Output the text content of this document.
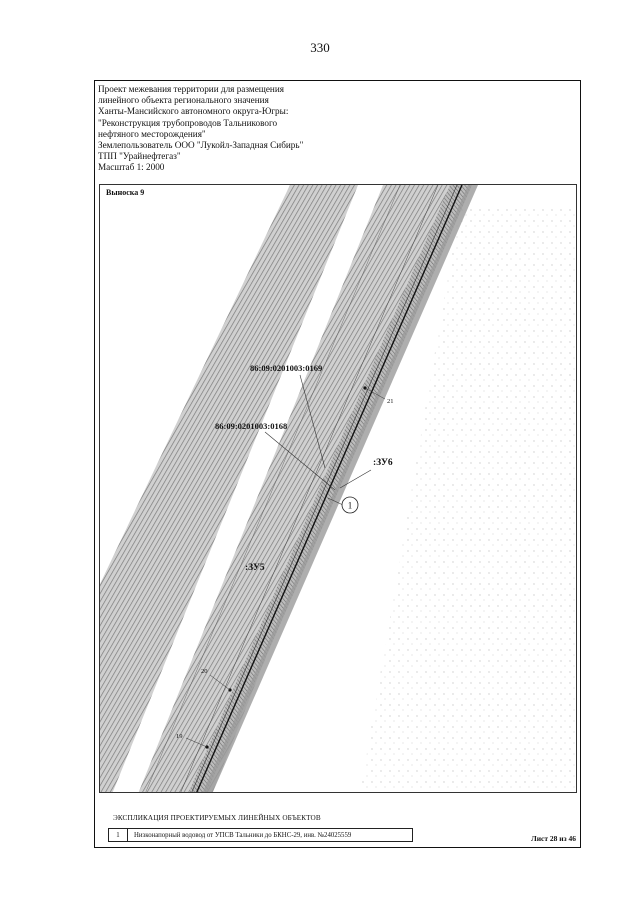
330
Проект межевания территории для размещения
линейного объекта регионального значения
Ханты-Мансийского автономного округа-Югры:
"Реконструкция трубопроводов Тальникового
нефтяного месторождения"
Землепользователь ООО "Лукойл-Западная Сибирь"
ТПП "Урайнефтегаз"
Масштаб 1: 2000
86:09:0201003:0169
86:09:0201003:0168
:ЗУ6
:ЗУ5
1
21
20
19
Выноска 9
ЭКСПЛИКАЦИЯ ПРОЕКТИРУЕМЫХ ЛИНЕЙНЫХ ОБЪЕКТОВ
1	Низконапорный водовод от УПСВ Тальники до БКНС-29, инв. №24025559	Лист 28 из 46
